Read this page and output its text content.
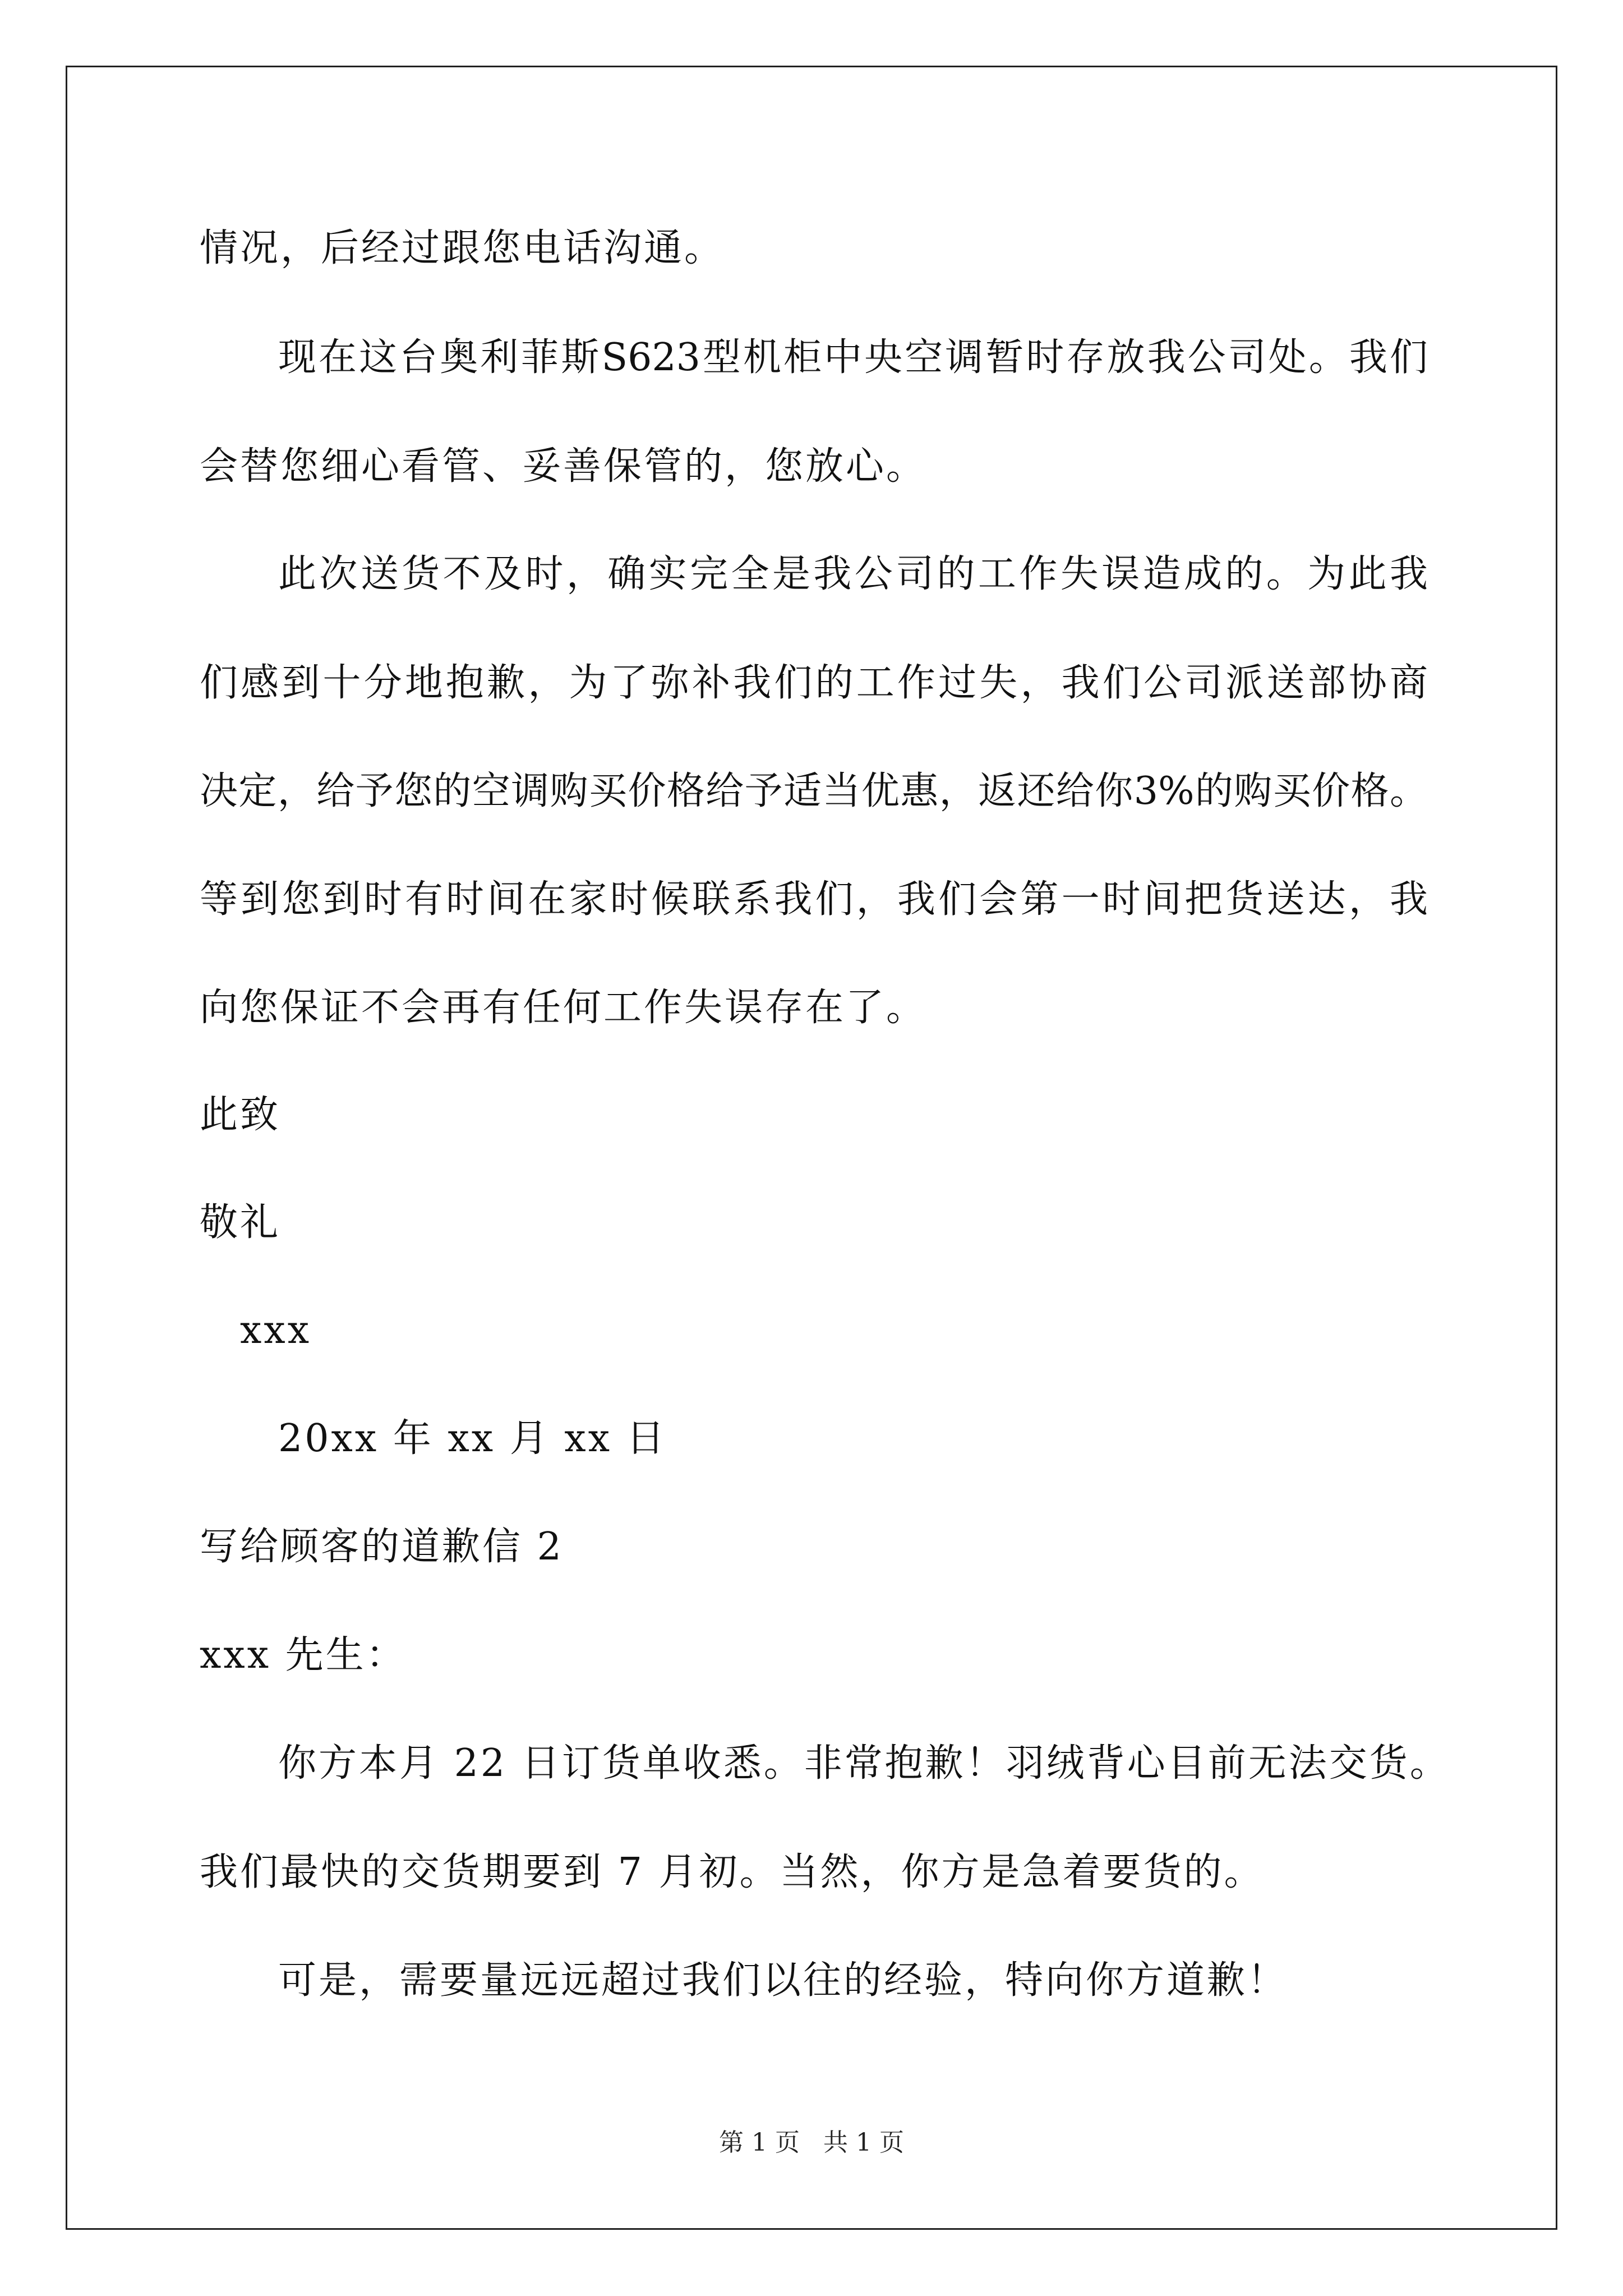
情况，后经过跟您电话沟通。
现在这台奥利菲斯S623型机柜中央空调暂时存放我公司处。我们
会替您细心看管、妥善保管的，您放心。
此次送货不及时，确实完全是我公司的工作失误造成的。为此我
们感到十分地抱歉，为了弥补我们的工作过失，我们公司派送部协商
决定，给予您的空调购买价格给予适当优惠，返还给你3%的购买价格。
等到您到时有时间在家时候联系我们，我们会第一时间把货送达，我
向您保证不会再有任何工作失误存在了。
此致
敬礼
xxx
20xx 年 xx 月 xx 日
写给顾客的道歉信 2
xxx 先生：
你方本月 22 日订货单收悉。非常抱歉！羽绒背心目前无法交货。
我们最快的交货期要到 7 月初。当然，你方是急着要货的。
可是，需要量远远超过我们以往的经验，特向你方道歉！
第 1 页   共 1 页
